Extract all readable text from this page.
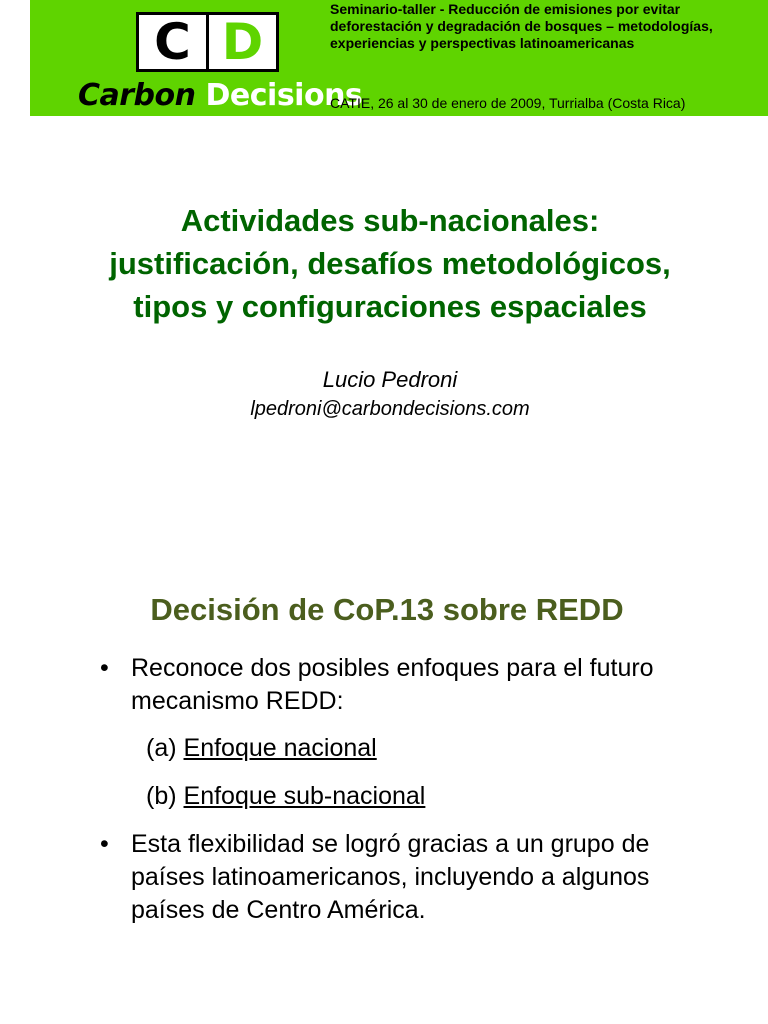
C D
Carbon Decisions
Seminario-taller - Reducción de emisiones por evitar deforestación y degradación de bosques – metodologías, experiencias y perspectivas latinoamericanas
CATIE, 26 al 30 de enero de 2009, Turrialba (Costa Rica)
Actividades sub-nacionales:
justificación, desafíos metodológicos,
tipos y configuraciones espaciales
Lucio Pedroni
lpedroni@carbondecisions.com
Decisión de CoP.13 sobre REDD
• Reconoce dos posibles enfoques para el futuro mecanismo REDD:
(a) Enfoque nacional
(b) Enfoque sub-nacional
• Esta flexibilidad se logró gracias a un grupo de países latinoamericanos, incluyendo a algunos países de Centro América.
